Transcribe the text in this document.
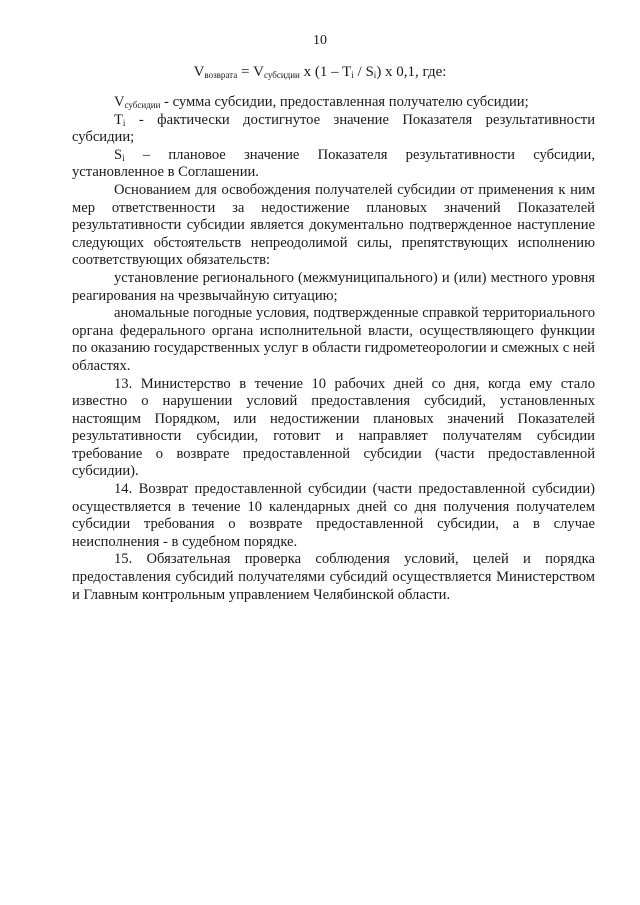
10
$V_{возврата} = V_{субсидии}$ x $(1 - T_i / S_i)$ x 0,1, где:

$V_{субсидии}$ - сумма субсидии, предоставленная получателю субсидии;

$T_i$ - фактически достигнутое значение Показателя результативности субсидии;

$S_i$ – плановое значение Показателя результативности субсидии, установленное в Соглашении.

Основанием для освобождения получателей субсидии от применения к ним мер ответственности за недостижение плановых значений Показателей результативности субсидии является документально подтвержденное наступление следующих обстоятельств непреодолимой силы, препятствующих исполнению соответствующих обязательств:

установление регионального (межмуниципального) и (или) местного уровня реагирования на чрезвычайную ситуацию;

аномальные погодные условия, подтвержденные справкой территориального органа федерального органа исполнительной власти, осуществляющего функции по оказанию государственных услуг в области гидрометеорологии и смежных с ней областях.

13. Министерство в течение 10 рабочих дней со дня, когда ему стало известно о нарушении условий предоставления субсидий, установленных настоящим Порядком, или недостижении плановых значений Показателей результативности субсидии, готовит и направляет получателям субсидии требование о возврате предоставленной субсидии (части предоставленной субсидии).

14. Возврат предоставленной субсидии (части предоставленной субсидии) осуществляется в течение 10 календарных дней со дня получения получателем субсидии требования о возврате предоставленной субсидии, а в случае неисполнения - в судебном порядке.

15. Обязательная проверка соблюдения условий, целей и порядка предоставления субсидий получателями субсидий осуществляется Министерством и Главным контрольным управлением Челябинской области.
